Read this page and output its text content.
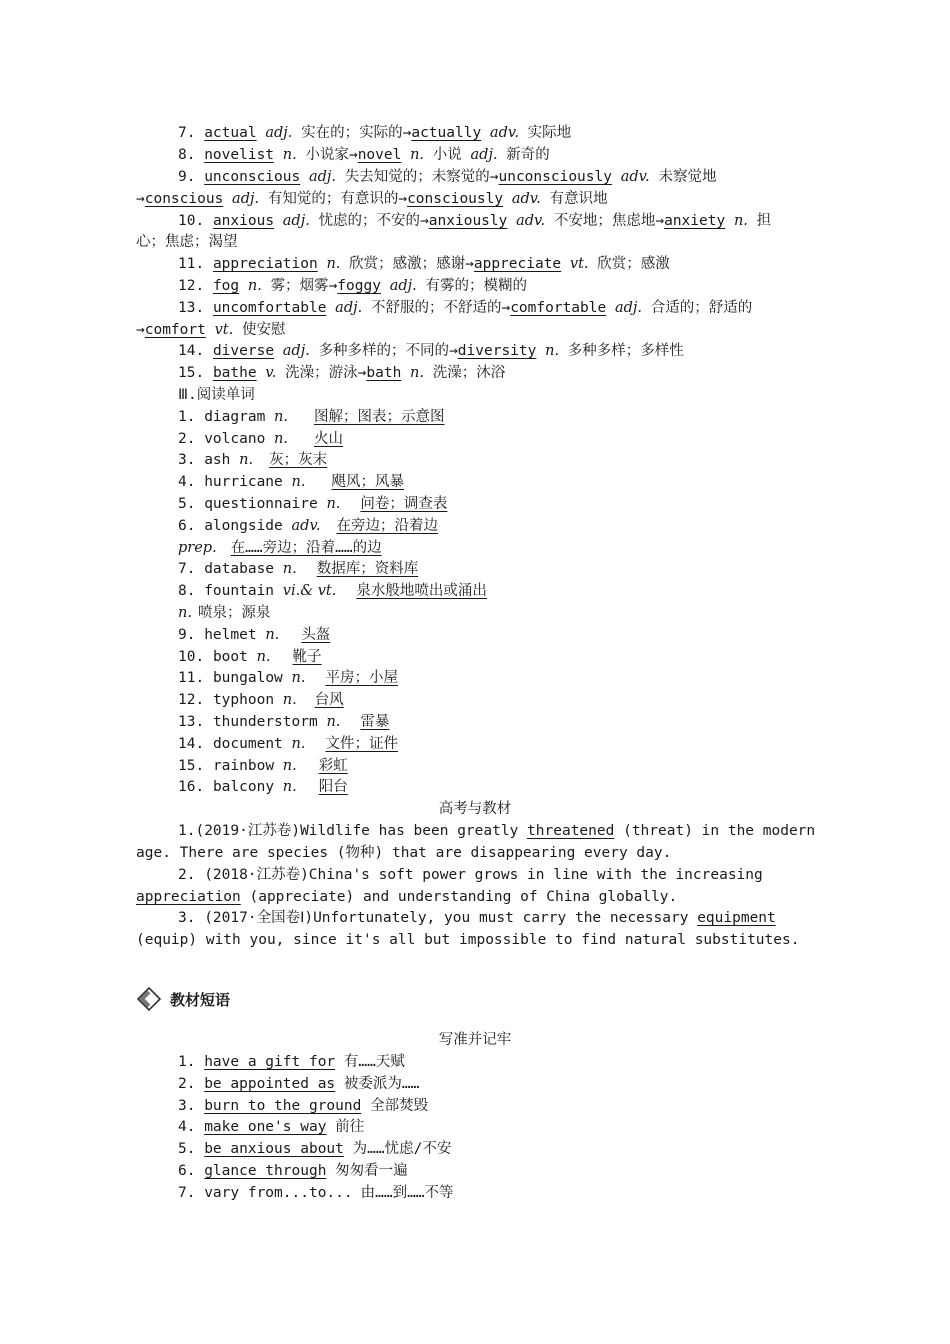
7. actual adj. 实在的；实际的→actually adv. 实际地
8. novelist n. 小说家→novel n. 小说 adj. 新奇的
9. unconscious adj. 失去知觉的；未察觉的→unconsciously adv. 未察觉地
→conscious adj. 有知觉的；有意识的→consciously adv. 有意识地
10. anxious adj. 忧虑的；不安的→anxiously adv. 不安地；焦虑地→anxiety n. 担
心；焦虑；渴望
11. appreciation n. 欣赏；感激；感谢→appreciate vt. 欣赏；感激
12. fog n. 雾；烟雾→foggy adj. 有雾的；模糊的
13. uncomfortable adj. 不舒服的；不舒适的→comfortable adj. 合适的；舒适的
→comfort vt. 使安慰
14. diverse adj. 多种多样的；不同的→diversity n. 多种多样；多样性
15. bathe v. 洗澡；游泳→bath n. 洗澡；沐浴
Ⅲ.阅读单词
1. diagram n. 图解；图表；示意图
2. volcano n. 火山
3. ash n. 灰；灰末
4. hurricane n. 飓风；风暴
5. questionnaire n. 问卷；调查表
6. alongside adv. 在旁边；沿着边
prep. 在……旁边；沿着……的边
7. database n. 数据库；资料库
8. fountain vi.& vt. 泉水般地喷出或涌出
n. 喷泉；源泉
9. helmet n. 头盔
10. boot n. 靴子
11. bungalow n. 平房；小屋
12. typhoon n. 台风
13. thunderstorm n. 雷暴
14. document n. 文件；证件
15. rainbow n. 彩虹
16. balcony n. 阳台
高考与教材
1.(2019·江苏卷)Wildlife has been greatly threatened (threat) in the modern
age. There are species (物种) that are disappearing every day.
2. (2018·江苏卷)China's soft power grows in line with the increasing
appreciation (appreciate) and understanding of China globally.
3. (2017·全国卷Ⅰ)Unfortunately, you must carry the necessary equipment
(equip) with you, since it's all but impossible to find natural substitutes.
教材短语
写准并记牢
1. have a gift for 有……天赋
2. be appointed as 被委派为……
3. burn to the ground 全部焚毁
4. make one's way 前往
5. be anxious about 为……忧虑/不安
6. glance through 匆匆看一遍
7. vary from...to... 由……到……不等
